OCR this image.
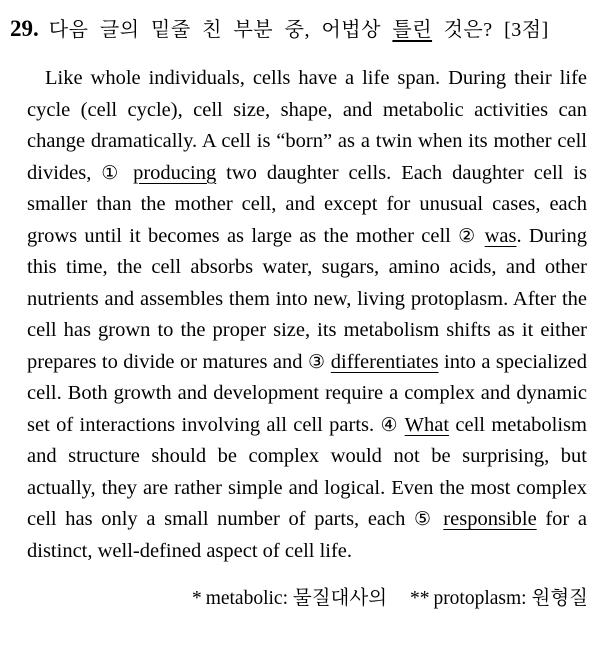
29. 다음 글의 밑줄 친 부분 중, 어법상 틀린 것은? [3점]

Like whole individuals, cells have a life span. During their life cycle (cell cycle), cell size, shape, and metabolic activities can change dramatically. A cell is “born” as a twin when its mother cell divides, ① producing two daughter cells. Each daughter cell is smaller than the mother cell, and except for unusual cases, each grows until it becomes as large as the mother cell ② was. During this time, the cell absorbs water, sugars, amino acids, and other nutrients and assembles them into new, living protoplasm. After the cell has grown to the proper size, its metabolism shifts as it either prepares to divide or matures and ③ differentiates into a specialized cell. Both growth and development require a complex and dynamic set of interactions involving all cell parts. ④ What cell metabolism and structure should be complex would not be surprising, but actually, they are rather simple and logical. Even the most complex cell has only a small number of parts, each ⑤ responsible for a distinct, well-defined aspect of cell life.

* metabolic: 물질대사의 ** protoplasm: 원형질
